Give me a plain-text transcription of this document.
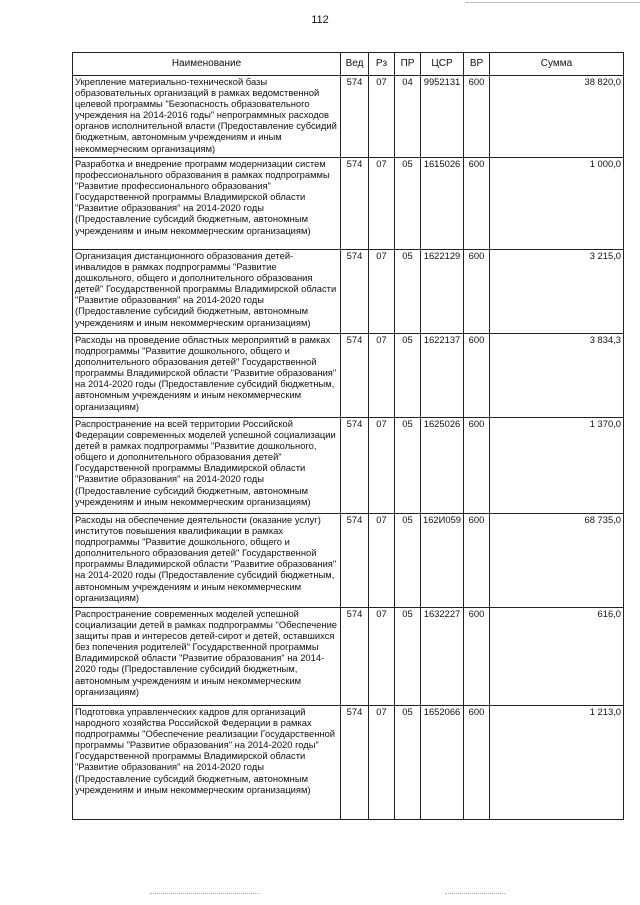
112
Наименование	Вед	Рз	ПР	ЦСР	ВР	Сумма
Укрепление материально-технической базы образовательных организаций в рамках ведомственной целевой программы "Безопасность образовательного учреждения на 2014-2016 годы" непрограммных расходов органов исполнительной власти (Предоставление субсидий бюджетным, автономным учреждениям и иным некоммерческим организациям)	574	07	04	9952131	600	38 820,0
Разработка и внедрение программ модернизации систем профессионального образования в рамках подпрограммы "Развитие профессионального образования" Государственной программы Владимирской области "Развитие образования" на 2014-2020 годы (Предоставление субсидий бюджетным, автономным учреждениям и иным некоммерческим организациям)	574	07	05	1615026	600	1 000,0
Организация дистанционного образования детей-инвалидов в рамках подпрограммы "Развитие дошкольного, общего и дополнительного образования детей" Государственной программы Владимирской области "Развитие образования" на 2014-2020 годы (Предоставление субсидий бюджетным, автономным учреждениям и иным некоммерческим организациям)	574	07	05	1622129	600	3 215,0
Расходы на проведение областных мероприятий в рамках подпрограммы "Развитие дошкольного, общего и дополнительного образования детей" Государственной программы Владимирской области "Развитие образования" на 2014-2020 годы (Предоставление субсидий бюджетным, автономным учреждениям и иным некоммерческим организациям)	574	07	05	1622137	600	3 834,3
Распространение на всей территории Российской Федерации современных моделей успешной социализации детей в рамках подпрограммы "Развитие дошкольного, общего и дополнительного образования детей" Государственной программы Владимирской области "Развитие образования" на 2014-2020 годы (Предоставление субсидий бюджетным, автономным учреждениям и иным некоммерческим организациям)	574	07	05	1625026	600	1 370,0
Расходы на обеспечение деятельности (оказание услуг) институтов повышения квалификации в рамках подпрограммы "Развитие дошкольного, общего и дополнительного образования детей" Государственной программы Владимирской области "Развитие образования" на 2014-2020 годы (Предоставление субсидий бюджетным, автономным учреждениям и иным некоммерческим организациям)	574	07	05	162И059	600	68 735,0
Распространение современных моделей успешной социализации детей в рамках подпрограммы "Обеспечение защиты прав и интересов детей-сирот и детей, оставшихся без попечения родителей" Государственной программы Владимирской области "Развитие образования" на 2014-2020 годы (Предоставление субсидий бюджетным, автономным учреждениям и иным некоммерческим организациям)	574	07	05	1632227	600	616,0
Подготовка управленческих кадров для организаций народного хозяйства Российской Федерации в рамках подпрограммы "Обеспечение реализации Государственной программы "Развитие образования" на 2014-2020 годы" Государственной программы Владимирской области "Развитие образования" на 2014-2020 годы (Предоставление субсидий бюджетным, автономным учреждениям и иным некоммерческим организациям)	574	07	05	1652066	600	1 213,0
